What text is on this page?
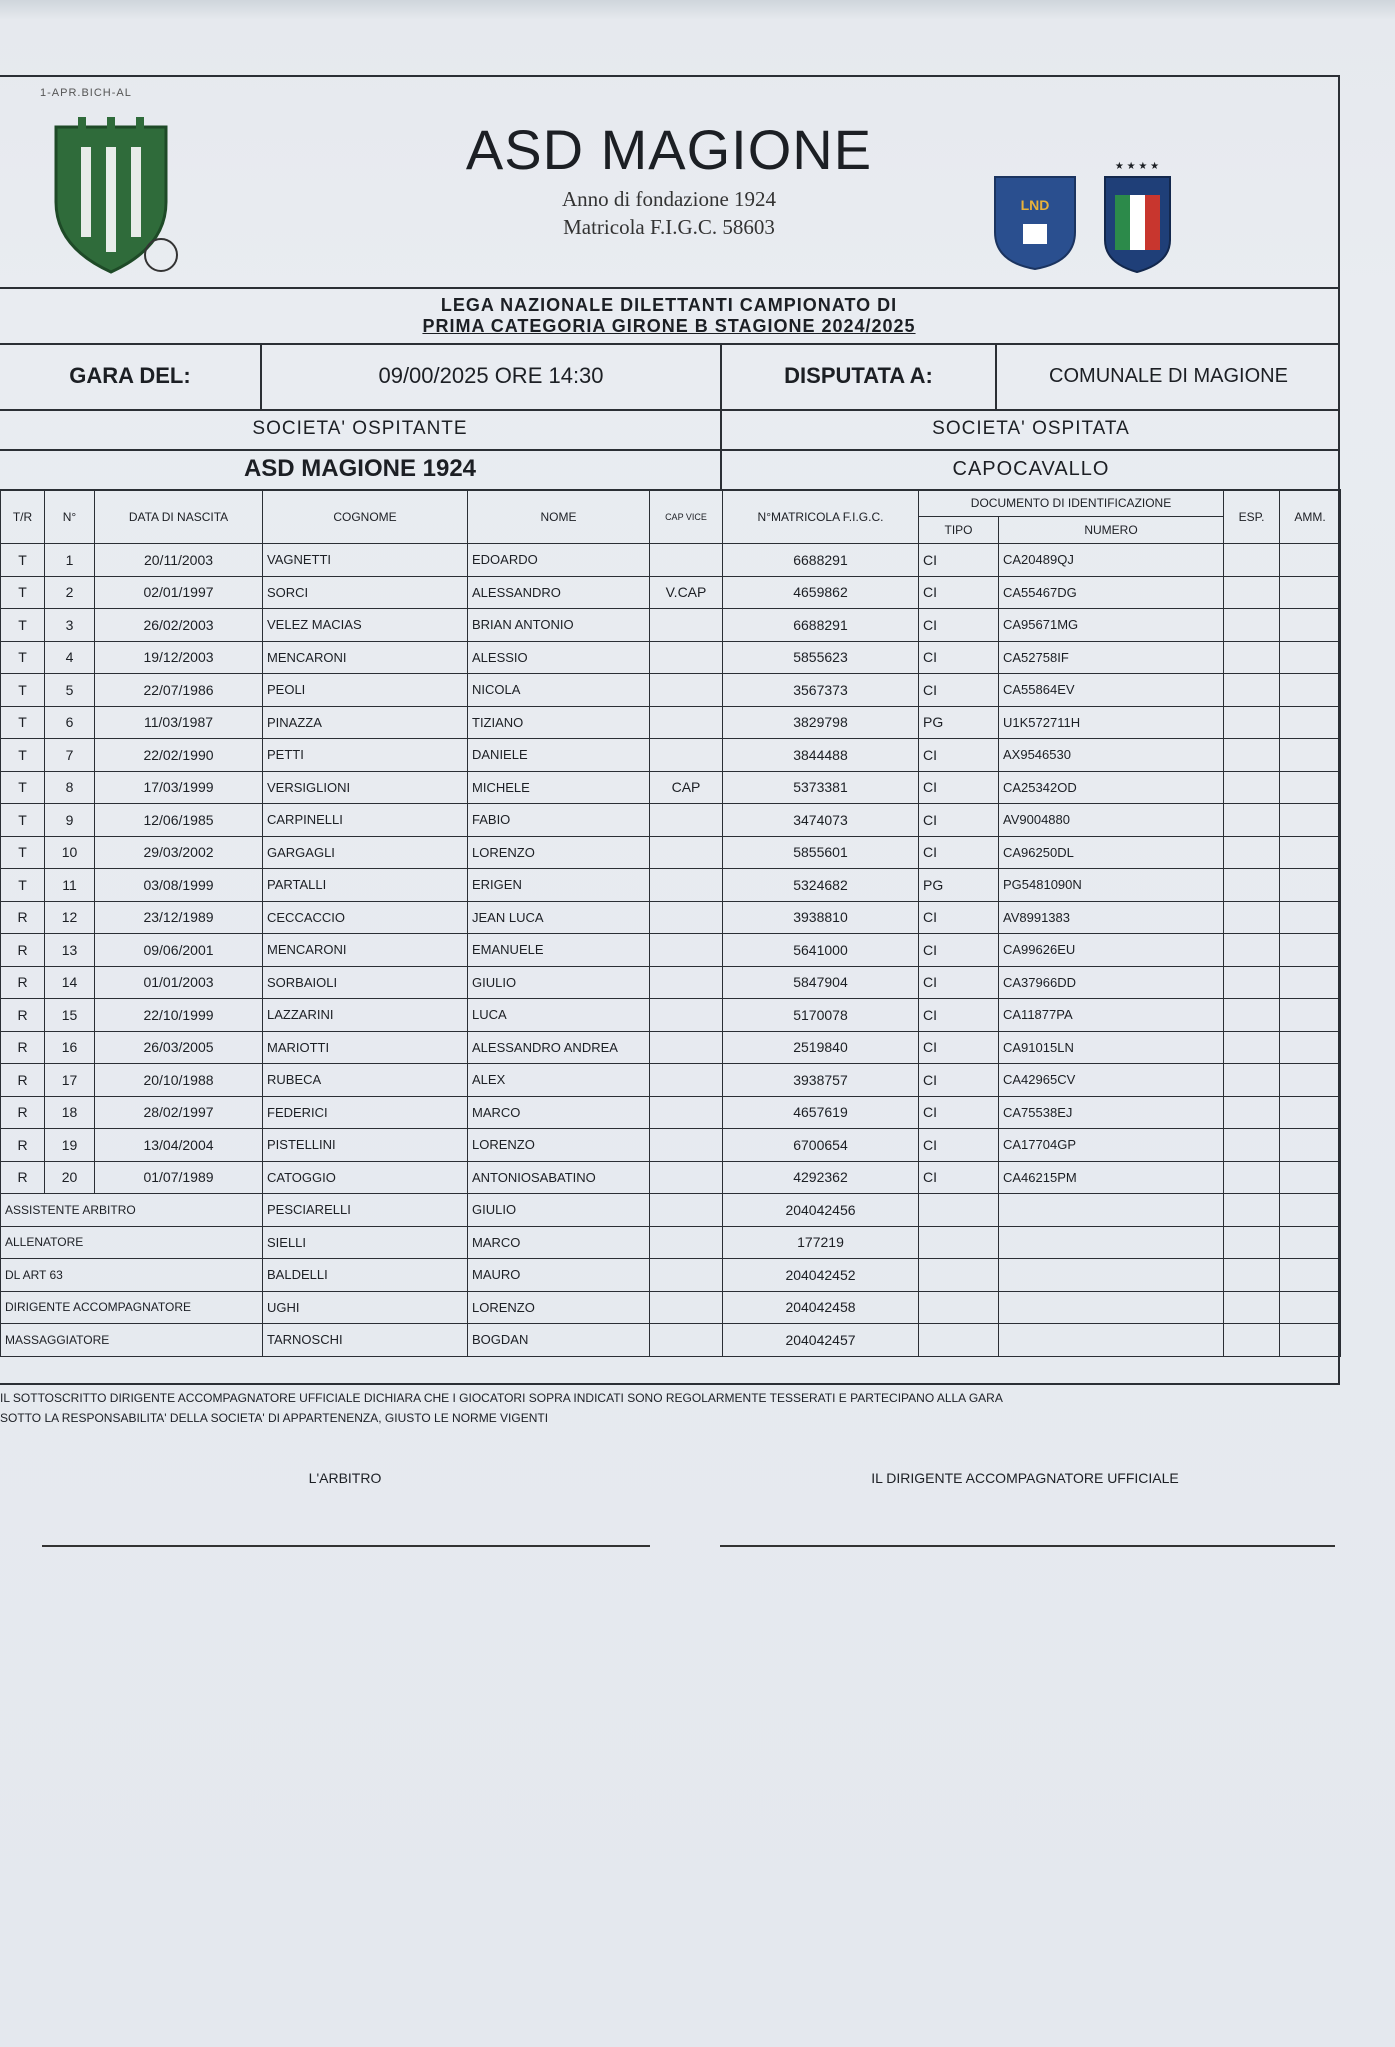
1-APR.BICH-AL
ASD MAGIONE
Anno di fondazione 1924
Matricola F.I.G.C. 58603
LND
★ ★ ★ ★
LEGA NAZIONALE DILETTANTI CAMPIONATO DI
PRIMA CATEGORIA GIRONE B STAGIONE 2024/2025
GARA DEL:	09/00/2025 ORE 14:30	DISPUTATA A:	COMUNALE DI MAGIONE
SOCIETA' OSPITANTE	SOCIETA' OSPITATA
ASD MAGIONE 1924	CAPOCAVALLO
T/R	N°	DATA DI NASCITA	COGNOME	NOME	CAP VICE	N°MATRICOLA F.I.G.C.	DOCUMENTO DI IDENTIFICAZIONE		ESP.	AMM.
							TIPO	NUMERO		
T	1	20/11/2003	VAGNETTI	EDOARDO		6688291	CI	CA20489QJ		
T	2	02/01/1997	SORCI	ALESSANDRO	V.CAP	4659862	CI	CA55467DG		
T	3	26/02/2003	VELEZ MACIAS	BRIAN ANTONIO		6688291	CI	CA95671MG		
T	4	19/12/2003	MENCARONI	ALESSIO		5855623	CI	CA52758IF		
T	5	22/07/1986	PEOLI	NICOLA		3567373	CI	CA55864EV		
T	6	11/03/1987	PINAZZA	TIZIANO		3829798	PG	U1K572711H		
T	7	22/02/1990	PETTI	DANIELE		3844488	CI	AX9546530		
T	8	17/03/1999	VERSIGLIONI	MICHELE	CAP	5373381	CI	CA25342OD		
T	9	12/06/1985	CARPINELLI	FABIO		3474073	CI	AV9004880		
T	10	29/03/2002	GARGAGLI	LORENZO		5855601	CI	CA96250DL		
T	11	03/08/1999	PARTALLI	ERIGEN		5324682	PG	PG5481090N		
R	12	23/12/1989	CECCACCIO	JEAN LUCA		3938810	CI	AV8991383		
R	13	09/06/2001	MENCARONI	EMANUELE		5641000	CI	CA99626EU		
R	14	01/01/2003	SORBAIOLI	GIULIO		5847904	CI	CA37966DD		
R	15	22/10/1999	LAZZARINI	LUCA		5170078	CI	CA11877PA		
R	16	26/03/2005	MARIOTTI	ALESSANDRO ANDREA		2519840	CI	CA91015LN		
R	17	20/10/1988	RUBECA	ALEX		3938757	CI	CA42965CV		
R	18	28/02/1997	FEDERICI	MARCO		4657619	CI	CA75538EJ		
R	19	13/04/2004	PISTELLINI	LORENZO		6700654	CI	CA17704GP		
R	20	01/07/1989	CATOGGIO	ANTONIOSABATINO		4292362	CI	CA46215PM		
ASSISTENTE ARBITRO			PESCIARELLI	GIULIO		204042456				
ALLENATORE			SIELLI	MARCO		177219				
DL ART 63			BALDELLI	MAURO		204042452				
DIRIGENTE ACCOMPAGNATORE			UGHI	LORENZO		204042458				
MASSAGGIATORE			TARNOSCHI	BOGDAN		204042457				
IL SOTTOSCRITTO DIRIGENTE ACCOMPAGNATORE UFFICIALE DICHIARA CHE I GIOCATORI SOPRA INDICATI SONO REGOLARMENTE TESSERATI E PARTECIPANO ALLA GARA
SOTTO LA RESPONSABILITA' DELLA SOCIETA' DI APPARTENENZA, GIUSTO LE NORME VIGENTI
L'ARBITRO	IL DIRIGENTE ACCOMPAGNATORE UFFICIALE
